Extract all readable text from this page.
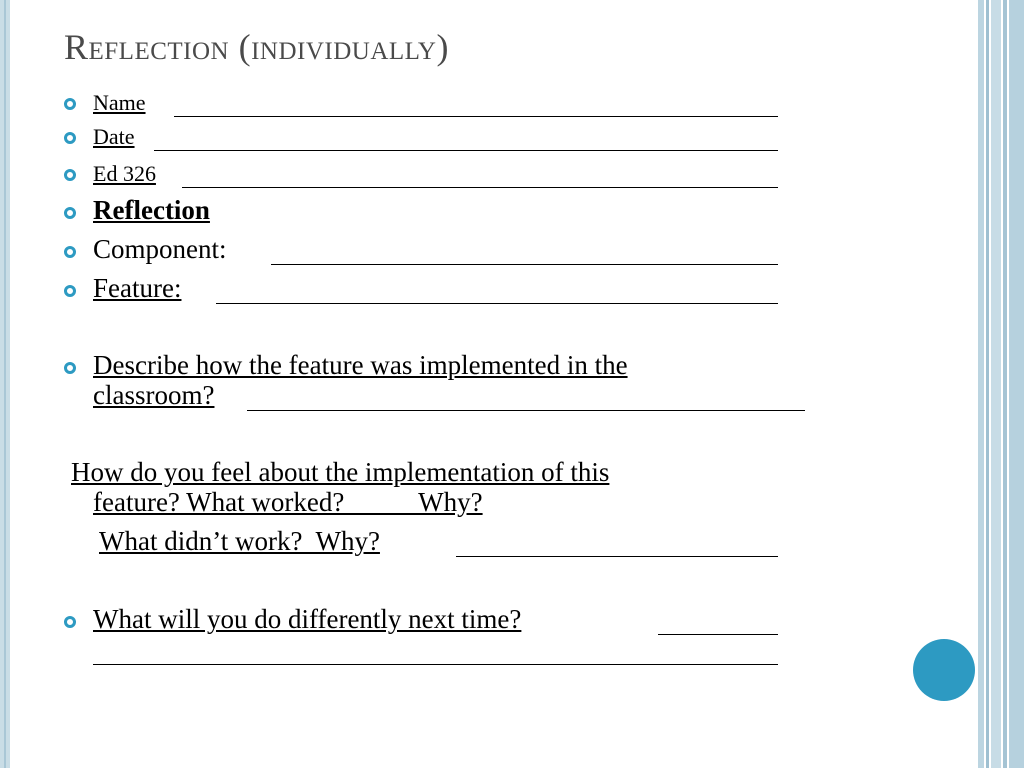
Reflection (individually)
Name
Date
Ed 326
Reflection
Component:
Feature:
Describe how the feature was implemented in the
classroom?
How do you feel about the implementation of this
feature? What worked?           Why?
What didn’t work?  Why?
What will you do differently next time?
